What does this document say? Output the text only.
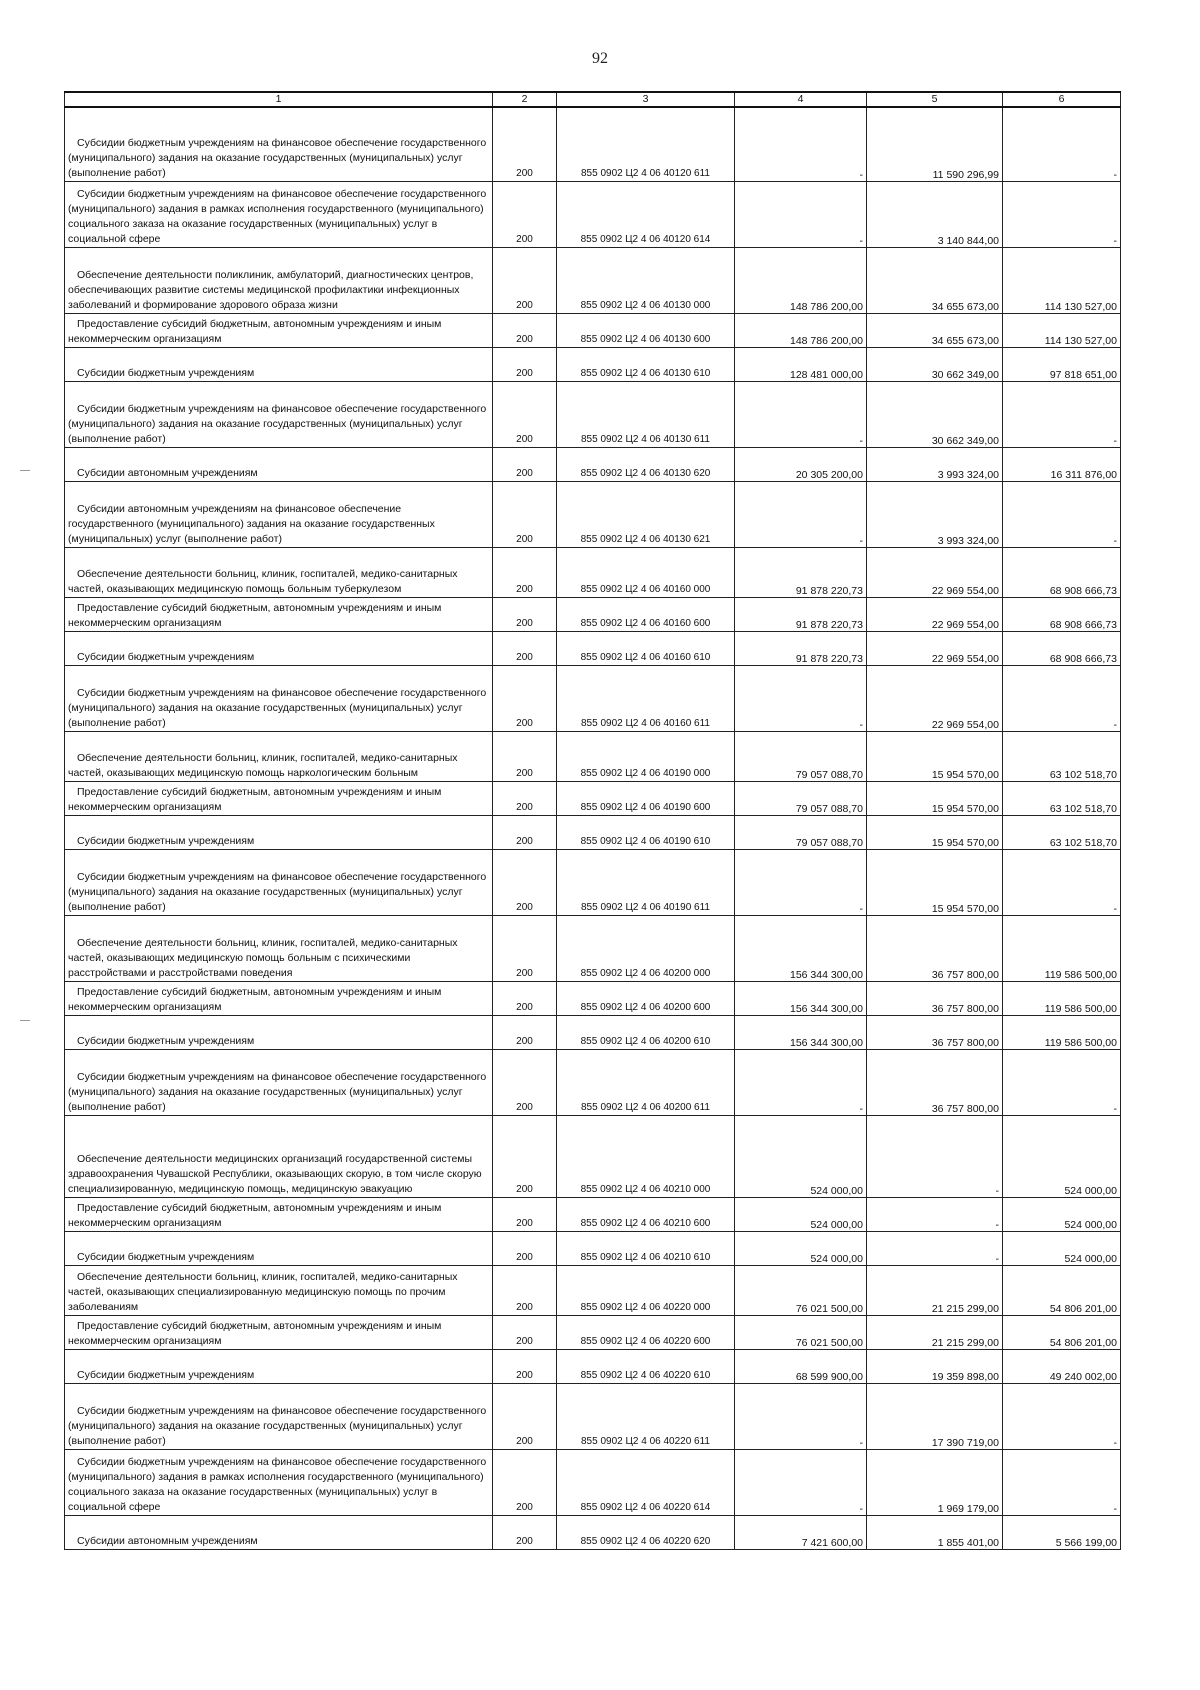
92
1	2	3	4	5	6

Субсидии бюджетным учреждениям на финансовое обеспечение государственного (муниципального) задания на оказание государственных (муниципальных) услуг (выполнение работ)	200	855 0902 Ц2 4 06 40120 611	-	11 590 296,99	-

Субсидии бюджетным учреждениям на финансовое обеспечение государственного (муниципального) задания в рамках исполнения государственного (муниципального) социального заказа на оказание государственных (муниципальных) услуг в социальной сфере	200	855 0902 Ц2 4 06 40120 614	-	3 140 844,00	-

Обеспечение деятельности поликлиник, амбулаторий, диагностических центров, обеспечивающих развитие системы медицинской профилактики инфекционных заболеваний и формирование здорового образа жизни	200	855 0902 Ц2 4 06 40130 000	148 786 200,00	34 655 673,00	114 130 527,00

Предоставление субсидий бюджетным, автономным учреждениям и иным некоммерческим организациям	200	855 0902 Ц2 4 06 40130 600	148 786 200,00	34 655 673,00	114 130 527,00

Субсидии бюджетным учреждениям	200	855 0902 Ц2 4 06 40130 610	128 481 000,00	30 662 349,00	97 818 651,00

Субсидии бюджетным учреждениям на финансовое обеспечение государственного (муниципального) задания на оказание государственных (муниципальных) услуг (выполнение работ)	200	855 0902 Ц2 4 06 40130 611	-	30 662 349,00	-

Субсидии автономным учреждениям	200	855 0902 Ц2 4 06 40130 620	20 305 200,00	3 993 324,00	16 311 876,00

Субсидии автономным учреждениям на финансовое обеспечение государственного (муниципального) задания на оказание государственных (муниципальных) услуг (выполнение работ)	200	855 0902 Ц2 4 06 40130 621	-	3 993 324,00	-

Обеспечение деятельности больниц, клиник, госпиталей, медико-санитарных частей, оказывающих медицинскую помощь больным туберкулезом	200	855 0902 Ц2 4 06 40160 000	91 878 220,73	22 969 554,00	68 908 666,73

Предоставление субсидий бюджетным, автономным учреждениям и иным некоммерческим организациям	200	855 0902 Ц2 4 06 40160 600	91 878 220,73	22 969 554,00	68 908 666,73

Субсидии бюджетным учреждениям	200	855 0902 Ц2 4 06 40160 610	91 878 220,73	22 969 554,00	68 908 666,73

Субсидии бюджетным учреждениям на финансовое обеспечение государственного (муниципального) задания на оказание государственных (муниципальных) услуг (выполнение работ)	200	855 0902 Ц2 4 06 40160 611	-	22 969 554,00	-

Обеспечение деятельности больниц, клиник, госпиталей, медико-санитарных частей, оказывающих медицинскую помощь наркологическим больным	200	855 0902 Ц2 4 06 40190 000	79 057 088,70	15 954 570,00	63 102 518,70

Предоставление субсидий бюджетным, автономным учреждениям и иным некоммерческим организациям	200	855 0902 Ц2 4 06 40190 600	79 057 088,70	15 954 570,00	63 102 518,70

Субсидии бюджетным учреждениям	200	855 0902 Ц2 4 06 40190 610	79 057 088,70	15 954 570,00	63 102 518,70

Субсидии бюджетным учреждениям на финансовое обеспечение государственного (муниципального) задания на оказание государственных (муниципальных) услуг (выполнение работ)	200	855 0902 Ц2 4 06 40190 611	-	15 954 570,00	-

Обеспечение деятельности больниц, клиник, госпиталей, медико-санитарных частей, оказывающих медицинскую помощь больным с психическими расстройствами и расстройствами поведения	200	855 0902 Ц2 4 06 40200 000	156 344 300,00	36 757 800,00	119 586 500,00

Предоставление субсидий бюджетным, автономным учреждениям и иным некоммерческим организациям	200	855 0902 Ц2 4 06 40200 600	156 344 300,00	36 757 800,00	119 586 500,00

Субсидии бюджетным учреждениям	200	855 0902 Ц2 4 06 40200 610	156 344 300,00	36 757 800,00	119 586 500,00

Субсидии бюджетным учреждениям на финансовое обеспечение государственного (муниципального) задания на оказание государственных (муниципальных) услуг (выполнение работ)	200	855 0902 Ц2 4 06 40200 611	-	36 757 800,00	-

Обеспечение деятельности медицинских организаций государственной системы здравоохранения Чувашской Республики, оказывающих скорую, в том числе скорую специализированную, медицинскую помощь, медицинскую эвакуацию	200	855 0902 Ц2 4 06 40210 000	524 000,00	-	524 000,00

Предоставление субсидий бюджетным, автономным учреждениям и иным некоммерческим организациям	200	855 0902 Ц2 4 06 40210 600	524 000,00	-	524 000,00

Субсидии бюджетным учреждениям	200	855 0902 Ц2 4 06 40210 610	524 000,00	-	524 000,00

Обеспечение деятельности больниц, клиник, госпиталей, медико-санитарных частей, оказывающих специализированную медицинскую помощь по прочим заболеваниям	200	855 0902 Ц2 4 06 40220 000	76 021 500,00	21 215 299,00	54 806 201,00

Предоставление субсидий бюджетным, автономным учреждениям и иным некоммерческим организациям	200	855 0902 Ц2 4 06 40220 600	76 021 500,00	21 215 299,00	54 806 201,00

Субсидии бюджетным учреждениям	200	855 0902 Ц2 4 06 40220 610	68 599 900,00	19 359 898,00	49 240 002,00

Субсидии бюджетным учреждениям на финансовое обеспечение государственного (муниципального) задания на оказание государственных (муниципальных) услуг (выполнение работ)	200	855 0902 Ц2 4 06 40220 611	-	17 390 719,00	-

Субсидии бюджетным учреждениям на финансовое обеспечение государственного (муниципального) задания в рамках исполнения государственного (муниципального) социального заказа на оказание государственных (муниципальных) услуг в социальной сфере	200	855 0902 Ц2 4 06 40220 614	-	1 969 179,00	-

Субсидии автономным учреждениям	200	855 0902 Ц2 4 06 40220 620	7 421 600,00	1 855 401,00	5 566 199,00
